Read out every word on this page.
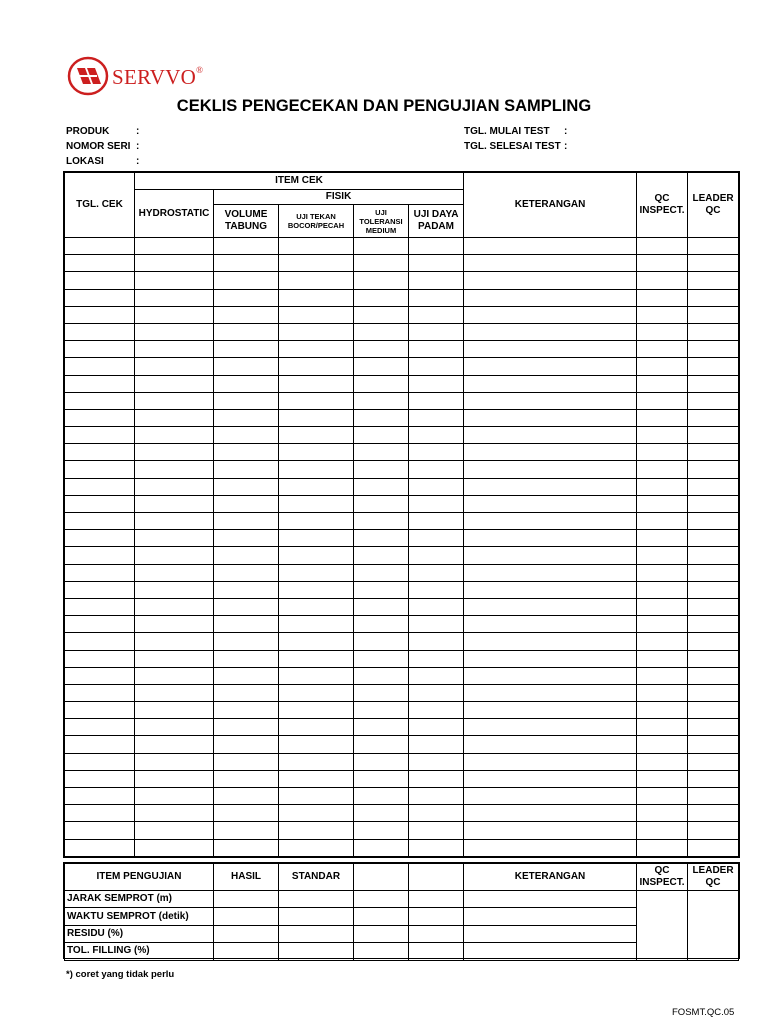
SERVVO®
CEKLIS PENGECEKAN DAN PENGUJIAN SAMPLING
PRODUK	:
NOMOR SERI :
LOKASI	:
TGL. MULAI TEST	:
TGL. SELESAI TEST :
TGL. CEK	ITEM CEK					KETERANGAN	QC INSPECT.	LEADER QC
	HYDROSTATIC	FISIK						
		VOLUME TABUNG	UJI TEKAN BOCOR/PECAH	UJI TOLERANSI MEDIUM	UJI DAYA PADAM			

ITEM PENGUJIAN	HASIL	STANDAR			KETERANGAN	QC INSPECT.	LEADER QC
JARAK SEMPROT (m)							
WAKTU SEMPROT (detik)							
RESIDU (%)							
TOL. FILLING (%)							
*) coret yang tidak perlu
FOSMT.QC.05
